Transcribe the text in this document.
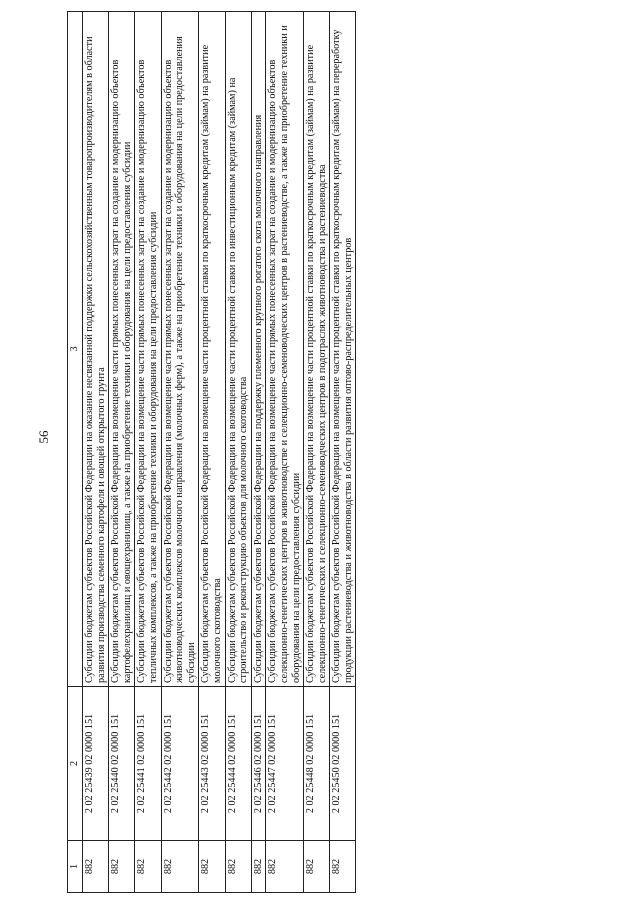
56
1	2	3
882	2 02 25439 02 0000 151	Субсидии бюджетам субъектов Российской Федерации на оказание несвязанной поддержки сельскохозяйственным товаропроизводителям в области развития производства семенного картофеля и овощей открытого грунта
882	2 02 25440 02 0000 151	Субсидии бюджетам субъектов Российской Федерации на возмещение части прямых понесенных затрат на создание и модернизацию объектов картофелехранилищ и овощехранилищ, а также на приобретение техники и оборудования на цели предоставления субсидии
882	2 02 25441 02 0000 151	Субсидии бюджетам субъектов Российской Федерации на возмещение части прямых понесенных затрат на создание и модернизацию объектов тепличных комплексов, а также на приобретение техники и оборудования на цели предоставления субсидии
882	2 02 25442 02 0000 151	Субсидии бюджетам субъектов Российской Федерации на возмещение части прямых понесенных затрат на создание и модернизацию объектов животноводческих комплексов молочного направления (молочных ферм), а также на приобретение техники и оборудования на цели предоставления субсидии
882	2 02 25443 02 0000 151	Субсидии бюджетам субъектов Российской Федерации на возмещение части процентной ставки по краткосрочным кредитам (займам) на развитие молочного скотоводства
882	2 02 25444 02 0000 151	Субсидии бюджетам субъектов Российской Федерации на возмещение части процентной ставки по инвестиционным кредитам (займам) на строительство и реконструкцию объектов для молочного скотоводства
882	2 02 25446 02 0000 151	Субсидии бюджетам субъектов Российской Федерации на поддержку племенного крупного рогатого скота молочного направления
882	2 02 25447 02 0000 151	Субсидии бюджетам субъектов Российской Федерации на возмещение части прямых понесенных затрат на создание и модернизацию объектов селекционно-генетических центров в животноводстве и селекционно-семеноводческих центров в растениеводстве, а также на приобретение техники и оборудования на цели предоставления субсидии
882	2 02 25448 02 0000 151	Субсидии бюджетам субъектов Российской Федерации на возмещение части процентной ставки по краткосрочным кредитам (займам) на развитие селекционно-генетических и селекционно-семеноводческих центров в подотраслях животноводства и растениеводства
882	2 02 25450 02 0000 151	Субсидии бюджетам субъектов Российской Федерации на возмещение части процентной ставки по краткосрочным кредитам (займам) на переработку продукции растениеводства и животноводства в области развития оптово-распределительных центров
